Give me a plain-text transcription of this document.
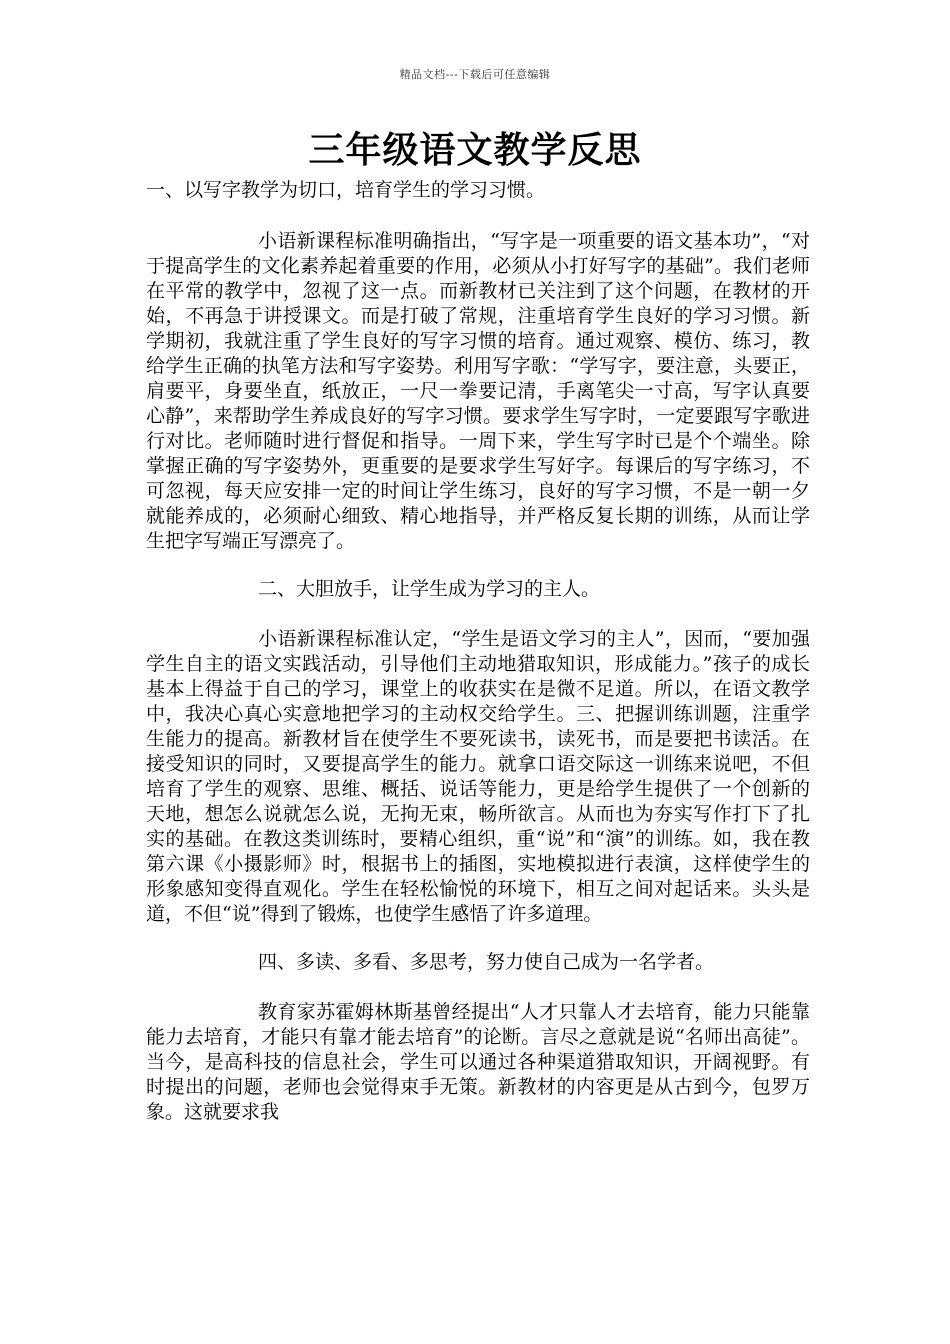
精品文档---下载后可任意编辑
三年级语文教学反思

一、以写字教学为切口，培育学生的学习习惯。

小语新课程标准明确指出，“写字是一项重要的语文基本功”，“对于提高学生的文化素养起着重要的作用，必须从小打好写字的基础”。我们老师在平常的教学中，忽视了这一点。而新教材已关注到了这个问题，在教材的开始，不再急于讲授课文。而是打破了常规，注重培育学生良好的学习习惯。新学期初，我就注重了学生良好的写字习惯的培育。通过观察、模仿、练习，教给学生正确的执笔方法和写字姿势。利用写字歌：“学写字，要注意，头要正，肩要平，身要坐直，纸放正，一尺一拳要记清，手离笔尖一寸高，写字认真要心静”，来帮助学生养成良好的写字习惯。要求学生写字时，一定要跟写字歌进行对比。老师随时进行督促和指导。一周下来，学生写字时已是个个端坐。除掌握正确的写字姿势外，更重要的是要求学生写好字。每课后的写字练习，不可忽视，每天应安排一定的时间让学生练习，良好的写字习惯，不是一朝一夕就能养成的，必须耐心细致、精心地指导，并严格反复长期的训练，从而让学生把字写端正写漂亮了。

二、大胆放手，让学生成为学习的主人。

小语新课程标准认定，“学生是语文学习的主人”，因而，“要加强学生自主的语文实践活动，引导他们主动地猎取知识，形成能力。”孩子的成长基本上得益于自己的学习，课堂上的收获实在是微不足道。所以，在语文教学中，我决心真心实意地把学习的主动权交给学生。三、把握训练训题，注重学生能力的提高。新教材旨在使学生不要死读书，读死书，而是要把书读活。在接受知识的同时，又要提高学生的能力。就拿口语交际这一训练来说吧，不但培育了学生的观察、思维、概括、说话等能力，更是给学生提供了一个创新的天地，想怎么说就怎么说，无拘无束，畅所欲言。从而也为夯实写作打下了扎实的基础。在教这类训练时，要精心组织，重“说”和“演”的训练。如，我在教第六课《小摄影师》时，根据书上的插图，实地模拟进行表演，这样使学生的形象感知变得直观化。学生在轻松愉悦的环境下，相互之间对起话来。头头是道，不但“说”得到了锻炼，也使学生感悟了许多道理。

四、多读、多看、多思考，努力使自己成为一名学者。

教育家苏霍姆林斯基曾经提出“人才只靠人才去培育，能力只能靠能力去培育，才能只有靠才能去培育”的论断。言尽之意就是说“名师出高徒”。当今，是高科技的信息社会，学生可以通过各种渠道猎取知识，开阔视野。有时提出的问题，老师也会觉得束手无策。新教材的内容更是从古到今，包罗万象。这就要求我
